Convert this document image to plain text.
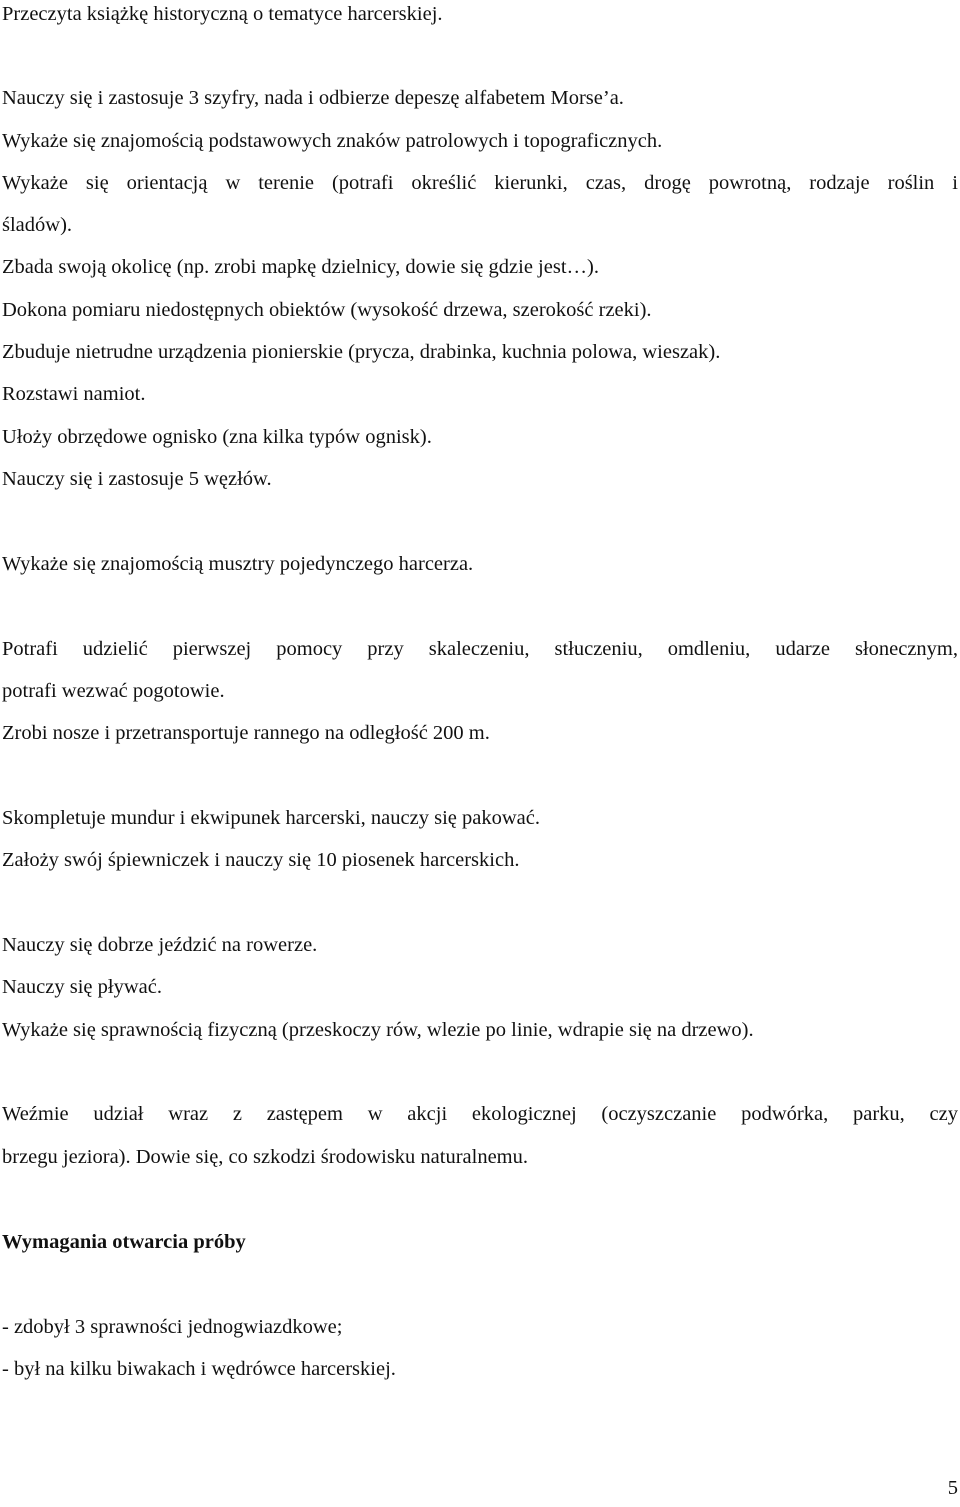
Przeczyta książkę historyczną o tematyce harcerskiej.
Nauczy się i zastosuje 3 szyfry, nada i odbierze depeszę alfabetem Morse’a.
Wykaże się znajomością podstawowych znaków patrolowych i topograficznych.
Wykaże się orientacją w terenie (potrafi określić kierunki, czas, drogę powrotną, rodzaje roślin i
śladów).
Zbada swoją okolicę (np. zrobi mapkę dzielnicy, dowie się gdzie jest…).
Dokona pomiaru niedostępnych obiektów (wysokość drzewa, szerokość rzeki).
Zbuduje nietrudne urządzenia pionierskie (prycza, drabinka, kuchnia polowa, wieszak).
Rozstawi namiot.
Ułoży obrzędowe ognisko (zna kilka typów ognisk).
Nauczy się i zastosuje 5 węzłów.
Wykaże się znajomością musztry pojedynczego harcerza.
Potrafi udzielić pierwszej pomocy przy skaleczeniu, stłuczeniu, omdleniu, udarze słonecznym,
potrafi wezwać pogotowie.
Zrobi nosze i przetransportuje rannego na odległość 200 m.
Skompletuje mundur i ekwipunek harcerski, nauczy się pakować.
Założy swój śpiewniczek i nauczy się 10 piosenek harcerskich.
Nauczy się dobrze jeździć na rowerze.
Nauczy się pływać.
Wykaże się sprawnością fizyczną (przeskoczy rów, wlezie po linie, wdrapie się na drzewo).
Weźmie udział wraz z zastępem w akcji ekologicznej (oczyszczanie podwórka, parku, czy
brzegu jeziora). Dowie się, co szkodzi środowisku naturalnemu.
Wymagania otwarcia próby
- zdobył 3 sprawności jednogwiazdkowe;
- był na kilku biwakach i wędrówce harcerskiej.
5
